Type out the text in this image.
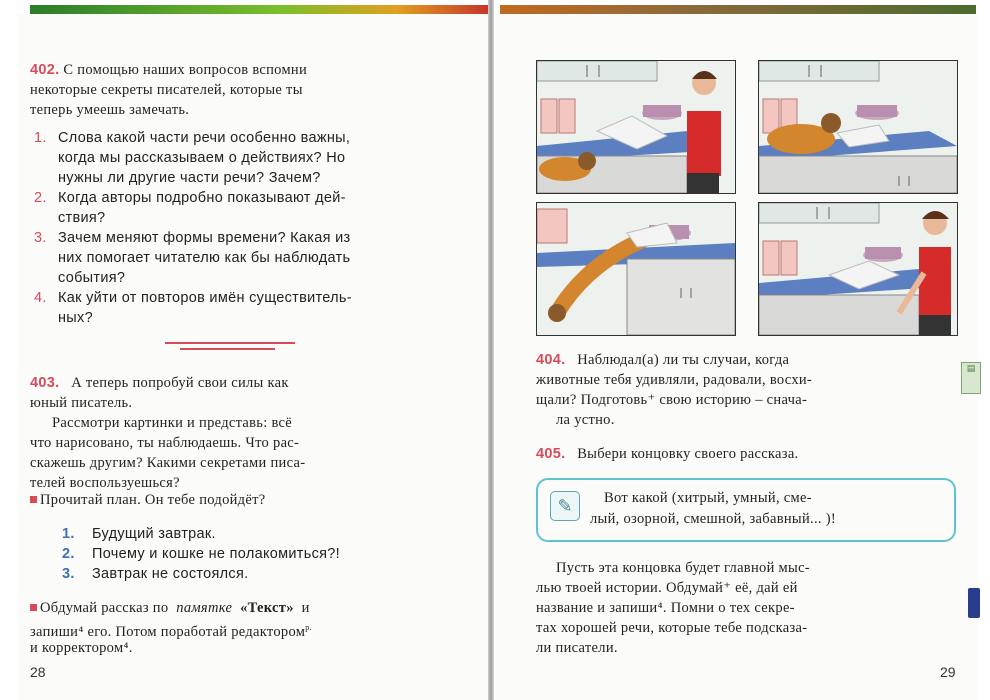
402. С помощью наших вопросов вспомни
некоторые секреты писателей, которые ты
теперь умеешь замечать.
1. Слова какой части речи особенно важны,
когда мы рассказываем о действиях? Но
нужны ли другие части речи? Зачем?
2. Когда авторы подробно показывают дей-
ствия?
3. Зачем меняют формы времени? Какая из
них помогает читателю как бы наблюдать
события?
4. Как уйти от повторов имён существитель-
ных?
403. А теперь попробуй свои силы как
юный писатель.
Рассмотри картинки и представь: всё
что нарисовано, ты наблюдаешь. Что рас-
скажешь другим? Какими секретами писа-
телей воспользуешься?
Прочитай план. Он тебе подойдёт?
1. Будущий завтрак.
2. Почему и кошке не полакомиться?!
3. Завтрак не состоялся.
Обдумай рассказ по памятке «Текст» и
запиши⁴ его. Потом поработай редактором$^{р.}$
и корректором⁴.
28
404. Наблюдал(а) ли ты случаи, когда
животные тебя удивляли, радовали, восхи-
щали? Подготовь⁺ свою историю – снача-
ла устно.
▤
405. Выбери концовку своего рассказа.
✎	Вот какой (хитрый, умный, сме-
лый, озорной, смешной, забавный... )!
Пусть эта концовка будет главной мыс-
лью твоей истории. Обдумай⁺ её, дай ей
название и запиши⁴. Помни о тех секре-
тах хорошей речи, которые тебе подсказа-
ли писатели.
29
